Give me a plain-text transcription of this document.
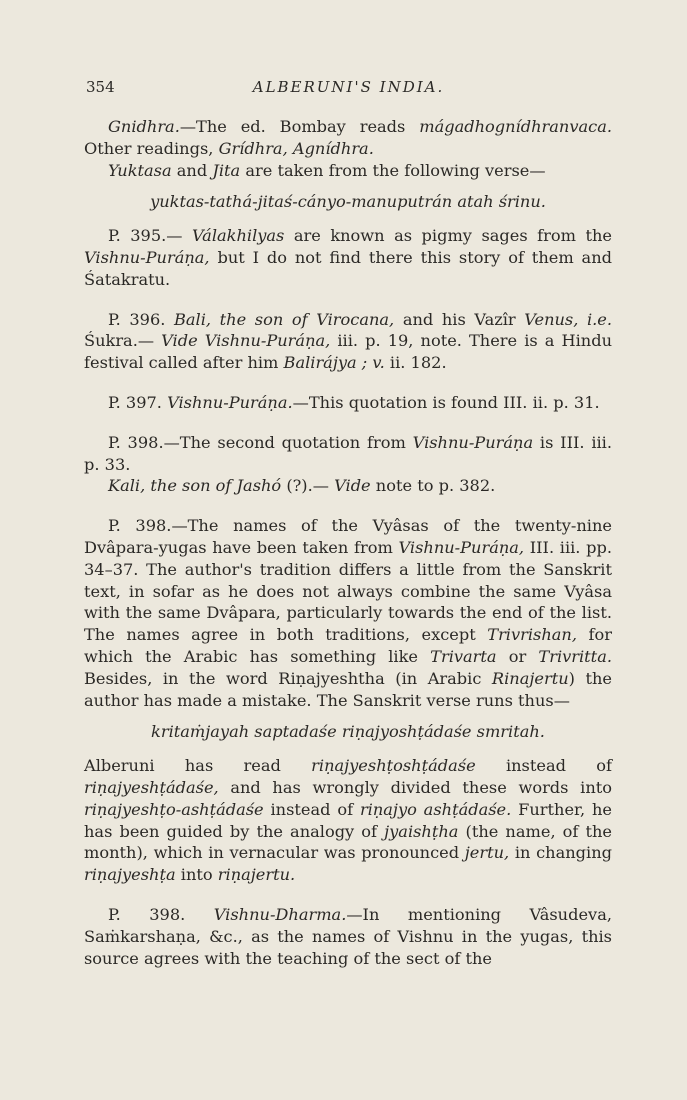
354	ALBERUNI'S INDIA.

Gnidhra.—The ed. Bombay reads mágadhognídhranvaca. Other readings, Grídhra, Agnídhra.

Yuktasa and Jita are taken from the following verse—

yuktas-tathá-jitaś-cányo-manuputrán atah śrinu.

P. 395.— Válakhilyas are known as pigmy sages from the Vishnu-Puráṇa, but I do not find there this story of them and Śatakratu.

P. 396. Bali, the son of Virocana, and his Vazîr Venus, i.e. Śukra.— Vide Vishnu-Puráṇa, iii. p. 19, note. There is a Hindu festival called after him Balirájya ; v. ii. 182.

P. 397. Vishnu-Puráṇa.—This quotation is found III. ii. p. 31.

P. 398.—The second quotation from Vishnu-Puráṇa is III. iii. p. 33.

Kali, the son of Jashó (?).— Vide note to p. 382.

P. 398.—The names of the Vyâsas of the twenty-nine Dvâpara-yugas have been taken from Vishnu-Puráṇa, III. iii. pp. 34–37. The author's tradition differs a little from the Sanskrit text, in sofar as he does not always combine the same Vyâsa with the same Dvâpara, particularly towards the end of the list. The names agree in both traditions, except Trivrishan, for which the Arabic has something like Trivarta or Trivritta. Besides, in the word Riṇajyeshtha (in Arabic Rinajertu) the author has made a mistake. The Sanskrit verse runs thus—

kritaṁjayah saptadaśe riṇajyoshṭádaśe smritah.

Alberuni has read riṇajyeshṭoshṭádaśe instead of riṇajyeshṭádaśe, and has wrongly divided these words into riṇajyeshṭo-ashṭádaśe instead of riṇajyo ashṭádaśe. Further, he has been guided by the analogy of jyaishṭha (the name, of the month), which in vernacular was pronounced jertu, in changing riṇajyeshṭa into riṇajertu.

P. 398. Vishnu-Dharma.—In mentioning Vâsudeva, Saṁkarshaṇa, &c., as the names of Vishnu in the yugas, this source agrees with the teaching of the sect of the
